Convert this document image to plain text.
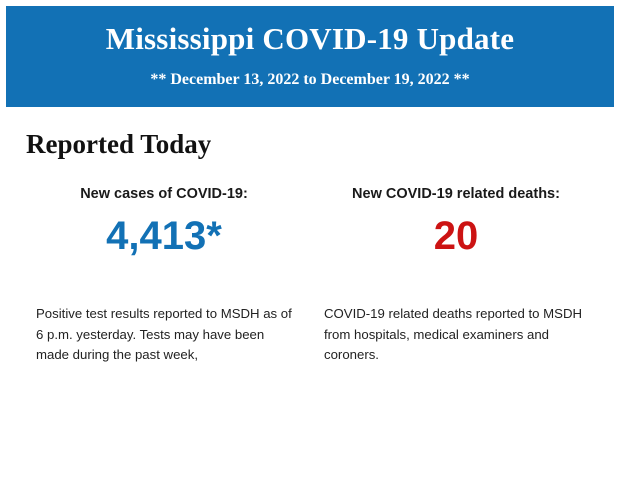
Mississippi COVID-19 Update
** December 13, 2022 to December 19, 2022 **
Reported Today
New cases of COVID-19:
4,413*
Positive test results reported to MSDH as of 6 p.m. yesterday. Tests may have been made during the past week,
New COVID-19 related deaths:
20
COVID-19 related deaths reported to MSDH from hospitals, medical examiners and coroners.
